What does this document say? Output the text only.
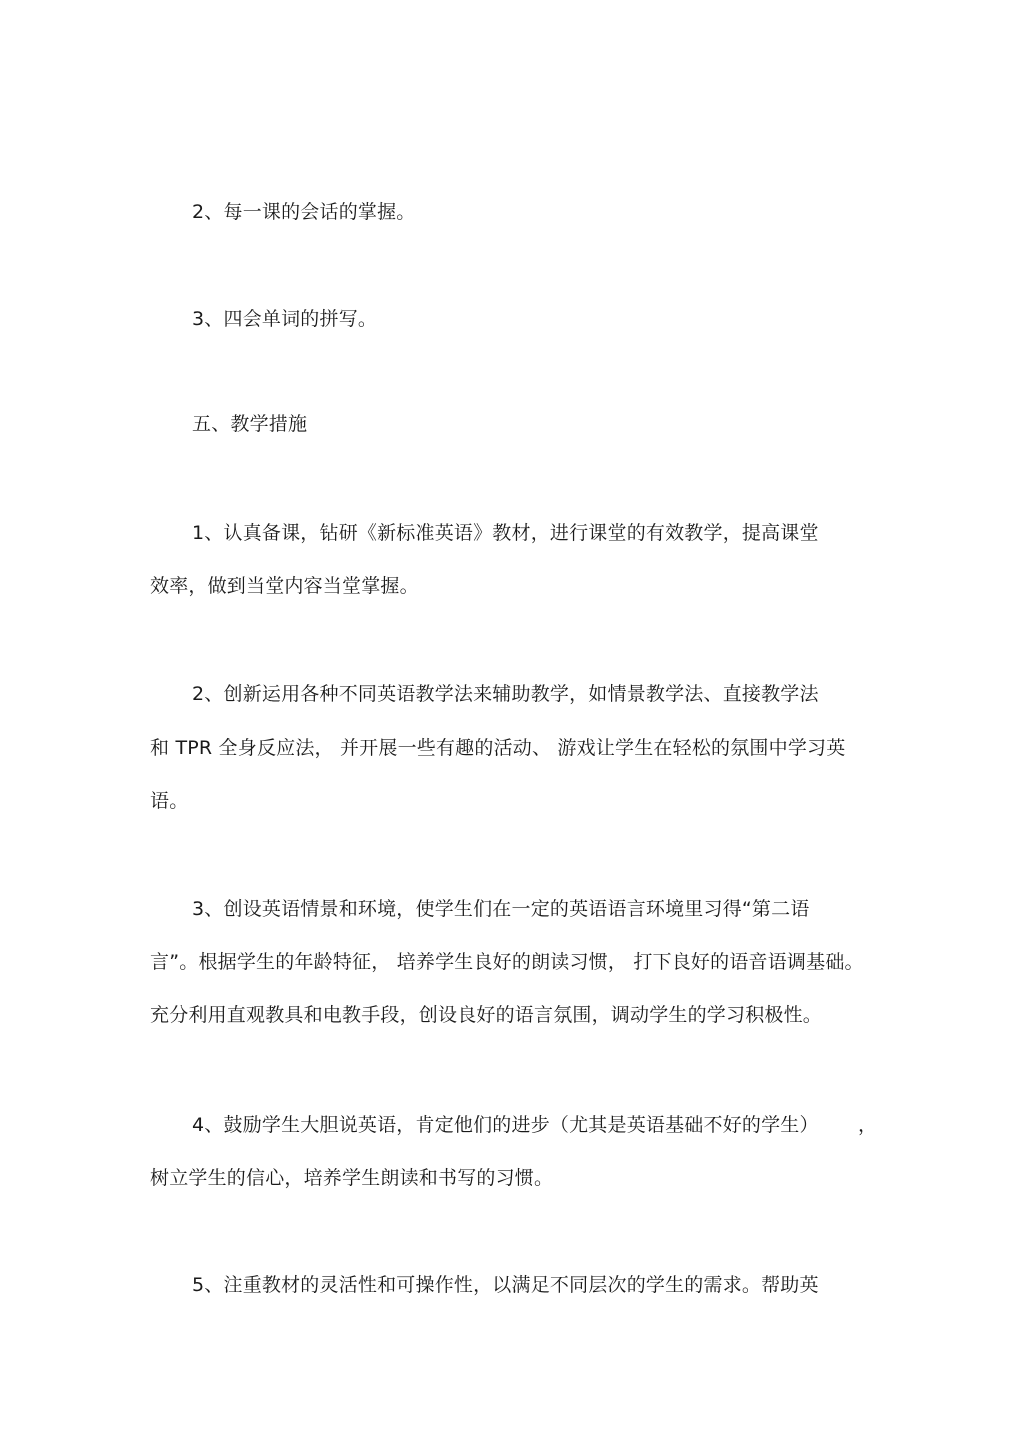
2、每一课的会话的掌握。
3、四会单词的拼写。
五、教学措施
1、认真备课，钻研《新标准英语》教材，进行课堂的有效教学，提高课堂
效率，做到当堂内容当堂掌握。
2、创新运用各种不同英语教学法来辅助教学，如情景教学法、直接教学法
和 TPR 全身反应法， 并开展一些有趣的活动、 游戏让学生在轻松的氛围中学习英
语。
3、创设英语情景和环境，使学生们在一定的英语语言环境里习得“第二语
言”。根据学生的年龄特征， 培养学生良好的朗读习惯， 打下良好的语音语调基础。
充分利用直观教具和电教手段，创设良好的语言氛围，调动学生的学习积极性。
4、鼓励学生大胆说英语，肯定他们的进步（尤其是英语基础不好的学生） ，
树立学生的信心，培养学生朗读和书写的习惯。
5、注重教材的灵活性和可操作性，以满足不同层次的学生的需求。帮助英
